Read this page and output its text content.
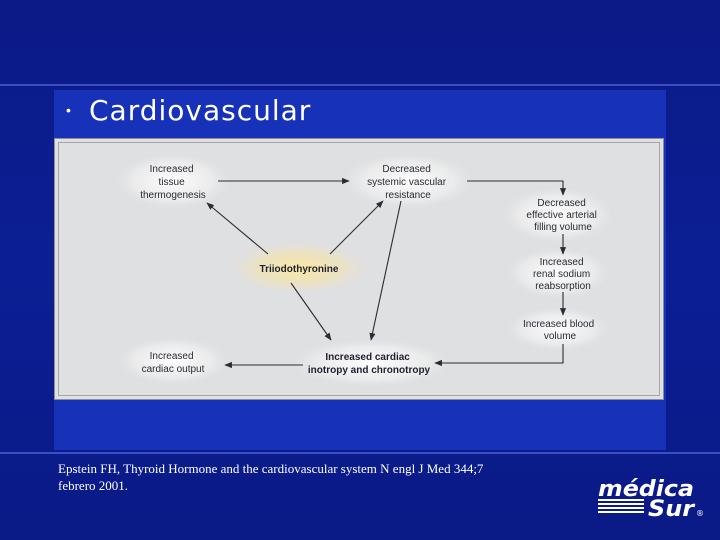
• Cardiovascular
Increased tissue thermogenesis
Decreased systemic vascular resistance
Decreased effective arterial filling volume
Triiodothyronine
Increased renal sodium reabsorption
Increased blood volume
Increased cardiac output
Increased cardiac inotropy and chronotropy
Epstein FH, Thyroid Hormone and the cardiovascular system N engl J Med 344;7
febrero 2001.	médica
Sur ®
